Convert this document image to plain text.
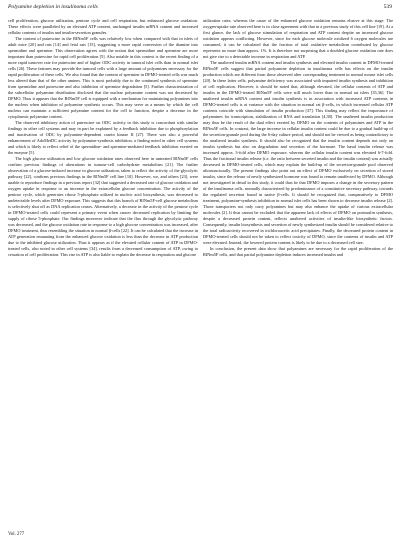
Polyamine depletion in insulinoma cells	539

cell proliferation, glucose utilization, pentose cycle and cell respiration, but enhanced glucose oxidation. These effects were paralleled by an elevated ATP content, unchanged insulin mRNA content and increased cellular contents of insulin and insulin-secretion granules.

The content of putrescine in the RINm5F cells was relatively low when compared with that in islets of adult mice [20] and rats [14] and fetal rats [15], suggesting a more rapid conversion of the diamine into spermidine and spermine. This observation agrees with the notion that spermidine and spermine are more important than putrescine for rapid cell proliferation [5]. Also notable in this context is the recent finding of a more rapid turnover rate for putrescine and of higher ODC activity in tumoral islet cells than in normal islet cells [26]. These features may provide the tumoral cells with a large amount of polyamines necessary for the rapid proliferation of these cells. We also found that the content of spermine in DFMO-treated cells was much less altered than that of the other amines. This is most probably due to the continued synthesis of spermine from spermidine and putrescine and also inhibition of spermine degradation [5]. Further characterization of the subcellular polyamine distribution disclosed that the nuclear polyamine content was not decreased by DFMO. Thus it appears that the RINm5F cell is equipped with a mechanism for maintaining polyamines into the nucleus when inhibition of polyamine synthesis occurs. This may serve as a means by which the cell nucleus can maintain a sufficient polyamine content for the cell to function, despite a decrease in the cytoplasmic polyamine content.

The observed inhibitory action of putrescine on ODC activity in this study is concordant with similar findings in other cell systems and may in part be explained by a feedback inhibition due to phosphorylation and inactivation of ODC by polyamine-dependent casein kinase II [27]. There was also a powerful enhancement of AdoMetDC activity by polyamine-synthesis inhibition, a finding noted in other cell systems and which is likely to reflect relief of the spermidine- and spermine-mediated feedback inhibition exerted on the enzyme [5].

The high glucose utilization and low glucose oxidation rates observed here in untreated RINm5F cells confirm previous findings of aberrations in tumour-cell carbohydrate metabolism [21]. The further observation of a glucose-induced increase in glucose utilization, taken to reflect the activity of the glycolytic pathway [22], confirms previous findings in the RINm5F cell line [10]. However, we, and others [23], were unable to reproduce findings in a previous report [32] that suggested a decreased rate of glucose oxidation and oxygen uptake in response to an increase in the extracellular glucose concentration. The activity of the pentose cycle, which generates ribose 5-phosphate utilized in nucleic acid biosynthesis, was decreased to undetectable levels after DFMO exposure. This suggests that this branch of RINm5F-cell glucose metabolism is selectively shut off as DNA replication ceases. Alternatively, a decrease in the activity of the pentose cycle in DFMO-treated cells could represent a primary event when cancer decreased replication by limiting the supply of ribose 5-phosphate. Our findings moreover indicate that the flux through the glycolytic pathway was decreased, and the glucose oxidation rate in response to a high glucose concentration was increased, after DFMO treatment, thus resembling the situation in normal β-cells [22]. It can be calculated that the increase in ATP generation emanating from the enhanced glucose oxidation is less than the decrease in ATP production due to the inhibited glucose utilization. Thus it appears as if the elevated cellular content of ATP in DFMO-treated cells, also noted in other cell systems [34], results from a decreased consumption of ATP, owing to cessation of cell proliferation. This rise in ATP is also liable to explain the decrease in respiration and glucose

utilization rates, whereas the cause of the enhanced glucose oxidation remains elusive at this stage. The oxygen-uptake rate observed here is in close agreement with that in a previous study of this cell line [19]. At a first glance, the lack of glucose stimulation of respiration and ATP content despite an increased glucose oxidation appears conflicting. However, since for each glucose molecule oxidized 6 oxygen molecules are consumed, it can be calculated that the fraction of total oxidative metabolism contributed by glucose represents no more than approx. 1%. It is therefore not surprising that a doubled glucose oxidation rate does not give rise to a detectable increase in respiration and ATP.

The unaltered insulin mRNA content and insulin synthesis and elevated insulin content in DFMO-treated RINm5F cells suggest that partial polyamine depletion in insulinoma cells has effects on the insulin production which are different from those observed after corresponding treatment in normal mouse islet cells [20]. In these latter cells, polyamine deficiency was associated with impaired insulin synthesis and inhibition of cell replication. However, it should be noted that, although elevated, the cellular contents of ATP and insulin in the DFMO-treated RINm5F cells were still much lower than in normal rat islets [35,36]. The unaltered insulin mRNA content and insulin synthesis is in association with increased ATP contents in DFMO-treated cells is at variance with the situation in normal rat β-cells, in which increased cellular ATP contents coincide with stimulation of insulin production [37]. This finding may reflect the importance of polyamines for transcription, stabilization of RNA and translation [4,38]. The unaltered insulin production may thus be the result of the dual effect exerted by DFMO on the contents of polyamines and ATP in the RINm5F cells. In contrast, the large increase in cellular insulin content could be due to a gradual build-up of the secretion-granule pool during the 6-day culture period, and should not be viewed as being contradictory to the unaltered insulin synthesis. It should also be recognized that the insulin content depends not only on insulin synthesis but also on degradation and secretion of the hormone. The basal insulin release was increased approx. 3-fold after DFMO exposure, whereas the cellular insulin content was elevated 6-7-fold. Thus the fractional insulin release (i.e. the ratio between secreted insulin and the insulin content) was actually decreased in DFMO-treated cells, which may explain the build-up of the secretion-granule pool observed ultrastructurally. The present findings also point out an effect of DFMO exclusively on secretion of stored insulin, since the release of newly synthesized hormone was found to remain unaffected by DFMO. Although not investigated in detail in this study, it could thus be that DFMO imposes a change in the secretory pattern of the insulinoma cells, normally characterized by predominance of a constitutive secretory pathway, towards the regulated secretion found in native β-cells. It should be recognized that, comparatively to DFMO treatment, polyamine-synthesis inhibition in normal islet cells has been shown to decrease insulin release [2]. Those transporters not only carry polyamines but may also enhance the uptake of various extracellular molecules [2]. It thus cannot be excluded that the apparent lack of effects of DFMO on proinsulin synthesis, despite a decreased protein content, reflects unaltered activities of insulin-like biosynthetic factors. Consequently, insulin biosynthesis and secretion of newly synthesized insulin should be considered relative to the total radioactivity recovered in trichloroacetic acid precipitates. Finally, the decreased protein content in DFMO-treated cells should not be taken to reflect toxicity of DFMO, since the contents of insulin and ATP were elevated. Instead, the lowered protein content is likely to be due to a decreased cell size.

In conclusion, the present data show that polyamines are necessary for the rapid proliferation of the RINm5F cells, and that partial polyamine depletion induces increased insulin and

Vol. 277
